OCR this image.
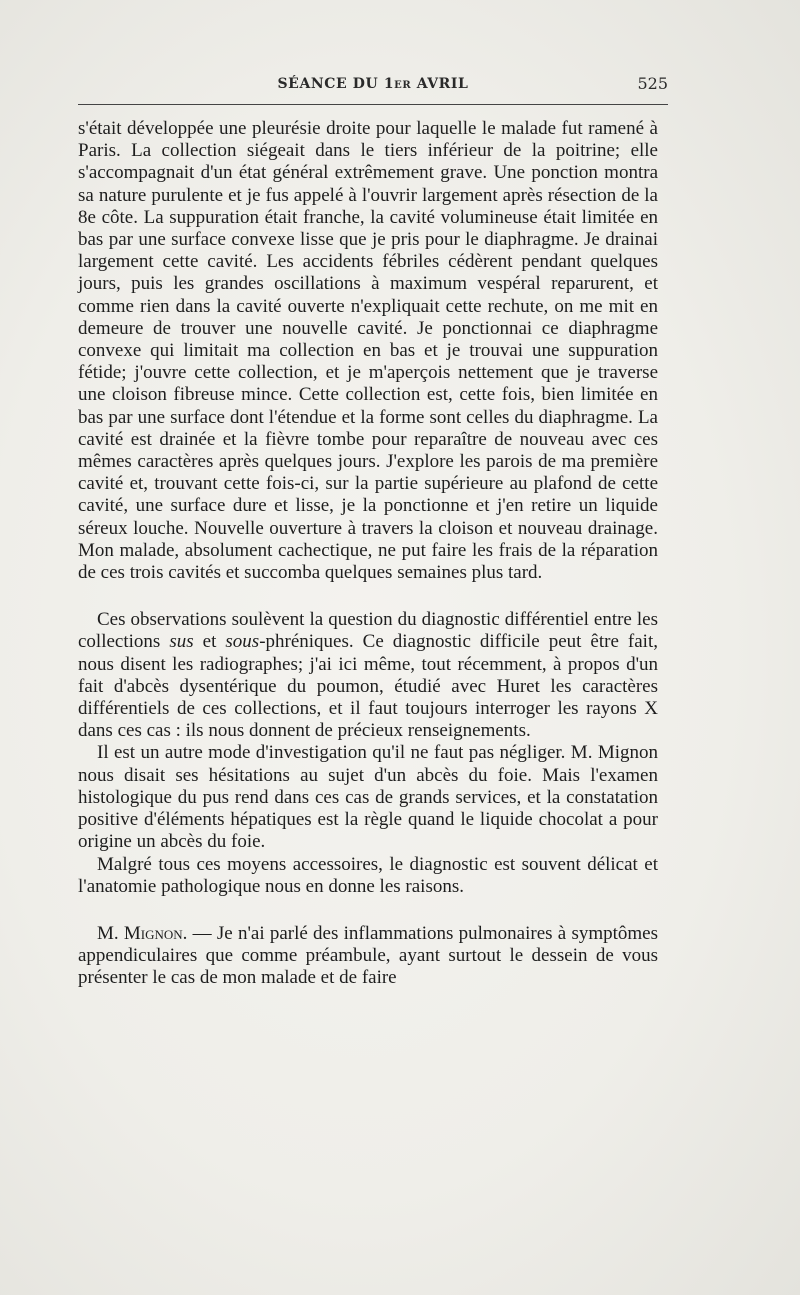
SÉANCE DU 1er AVRIL	525

s'était développée une pleurésie droite pour laquelle le malade fut ramené à Paris. La collection siégeait dans le tiers inférieur de la poitrine; elle s'accompagnait d'un état général extrêmement grave. Une ponction montra sa nature purulente et je fus appelé à l'ouvrir largement après résection de la 8e côte. La suppuration était franche, la cavité volumineuse était limitée en bas par une surface convexe lisse que je pris pour le diaphragme. Je drainai largement cette cavité. Les accidents fébriles cédèrent pendant quelques jours, puis les grandes oscillations à maximum vespéral reparurent, et comme rien dans la cavité ouverte n'expliquait cette rechute, on me mit en demeure de trouver une nouvelle cavité. Je ponctionnai ce diaphragme convexe qui limitait ma collection en bas et je trouvai une suppuration fétide; j'ouvre cette collection, et je m'aperçois nettement que je traverse une cloison fibreuse mince. Cette collection est, cette fois, bien limitée en bas par une surface dont l'étendue et la forme sont celles du diaphragme. La cavité est drainée et la fièvre tombe pour reparaître de nouveau avec ces mêmes caractères après quelques jours. J'explore les parois de ma première cavité et, trouvant cette fois-ci, sur la partie supérieure au plafond de cette cavité, une surface dure et lisse, je la ponctionne et j'en retire un liquide séreux louche. Nouvelle ouverture à travers la cloison et nouveau drainage. Mon malade, absolument cachectique, ne put faire les frais de la réparation de ces trois cavités et succomba quelques semaines plus tard.

Ces observations soulèvent la question du diagnostic différentiel entre les collections sus et sous-phréniques. Ce diagnostic difficile peut être fait, nous disent les radiographes; j'ai ici même, tout récemment, à propos d'un fait d'abcès dysentérique du poumon, étudié avec Huret les caractères différentiels de ces collections, et il faut toujours interroger les rayons X dans ces cas : ils nous donnent de précieux renseignements.

Il est un autre mode d'investigation qu'il ne faut pas négliger. M. Mignon nous disait ses hésitations au sujet d'un abcès du foie. Mais l'examen histologique du pus rend dans ces cas de grands services, et la constatation positive d'éléments hépatiques est la règle quand le liquide chocolat a pour origine un abcès du foie.

Malgré tous ces moyens accessoires, le diagnostic est souvent délicat et l'anatomie pathologique nous en donne les raisons.

M. Mignon. — Je n'ai parlé des inflammations pulmonaires à symptômes appendiculaires que comme préambule, ayant surtout le dessein de vous présenter le cas de mon malade et de faire
